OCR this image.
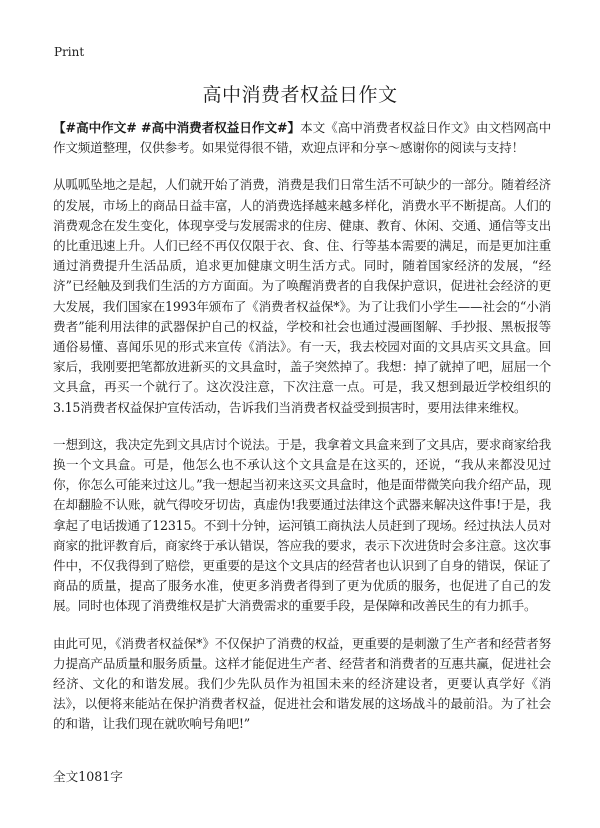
Print
高中消费者权益日作文

【#高中作文# #高中消费者权益日作文#】本文《高中消费者权益日作文》由文档网高中作文频道整理，仅供参考。如果觉得很不错，欢迎点评和分享～感谢你的阅读与支持！

从呱呱坠地之是起，人们就开始了消费，消费是我们日常生活不可缺少的一部分。随着经济的发展，市场上的商品日益丰富，人的消费选择越来越多样化，消费水平不断提高。人们的消费观念在发生变化，体现享受与发展需求的住房、健康、教育、休闲、交通、通信等支出的比重迅速上升。人们已经不再仅仅限于衣、食、住、行等基本需要的满足，而是更加注重通过消费提升生活品质，追求更加健康文明生活方式。同时，随着国家经济的发展，“经济”已经触及到我们生活的方方面面。为了唤醒消费者的自我保护意识，促进社会经济的更大发展，我们国家在1993年颁布了《消费者权益保*》。为了让我们小学生——社会的“小消费者”能利用法律的武器保护自己的权益，学校和社会也通过漫画图解、手抄报、黑板报等通俗易懂、喜闻乐见的形式来宣传《消法》。有一天，我去校园对面的文具店买文具盒。回家后，我刚要把笔都放进新买的文具盒时，盖子突然掉了。我想：掉了就掉了吧，屈屈一个文具盒，再买一个就行了。这次没注意，下次注意一点。可是，我又想到最近学校组织的3.15消费者权益保护宣传活动，告诉我们当消费者权益受到损害时，要用法律来维权。

一想到这，我决定先到文具店讨个说法。于是，我拿着文具盒来到了文具店，要求商家给我换一个文具盒。可是，他怎么也不承认这个文具盒是在这买的，还说，“我从来都没见过你，你怎么可能来过这儿。”我一想起当初来这买文具盒时，他是面带微笑向我介绍产品，现在却翻脸不认账，就气得咬牙切齿，真虚伪!我要通过法律这个武器来解决这件事!于是，我拿起了电话拨通了12315。不到十分钟，运河镇工商执法人员赶到了现场。经过执法人员对商家的批评教育后，商家终于承认错误，答应我的要求，表示下次进货时会多注意。这次事件中，不仅我得到了赔偿，更重要的是这个文具店的经营者也认识到了自身的错误，保证了商品的质量，提高了服务水准，使更多消费者得到了更为优质的服务，也促进了自己的发展。同时也体现了消费维权是扩大消费需求的重要手段，是保障和改善民生的有力抓手。

由此可见，《消费者权益保*》不仅保护了消费的权益，更重要的是刺激了生产者和经营者努力提高产品质量和服务质量。这样才能促进生产者、经营者和消费者的互惠共赢，促进社会经济、文化的和谐发展。我们少先队员作为祖国未来的经济建设者，更要认真学好《消法》，以便将来能站在保护消费者权益，促进社会和谐发展的这场战斗的最前沿。为了社会的和谐，让我们现在就吹响号角吧!”

全文1081字
